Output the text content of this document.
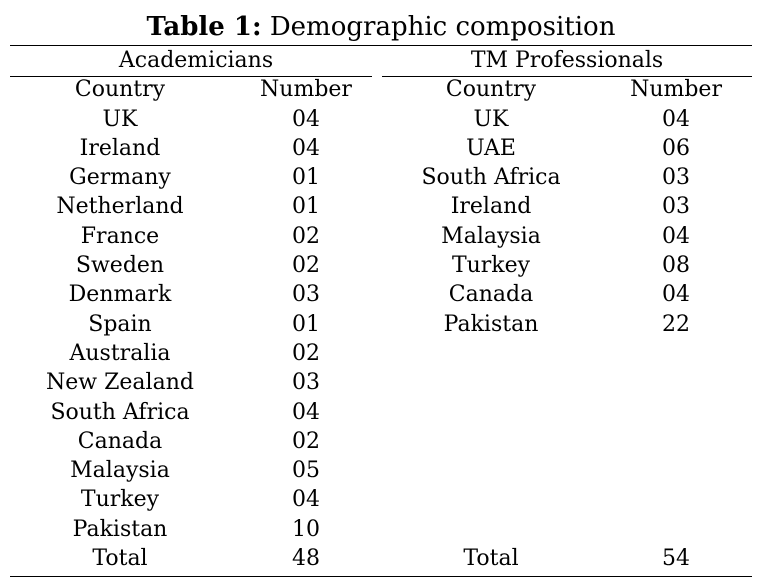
Table 1: Demographic composition
Academicians		TM Professionals	
Country	Number	Country	Number
UK	04	UK	04
Ireland	04	UAE	06
Germany	01	South Africa	03
Netherland	01	Ireland	03
France	02	Malaysia	04
Sweden	02	Turkey	08
Denmark	03	Canada	04
Spain	01	Pakistan	22
Australia	02		
New Zealand	03		
South Africa	04		
Canada	02		
Malaysia	05		
Turkey	04		
Pakistan	10		
Total	48	Total	54
